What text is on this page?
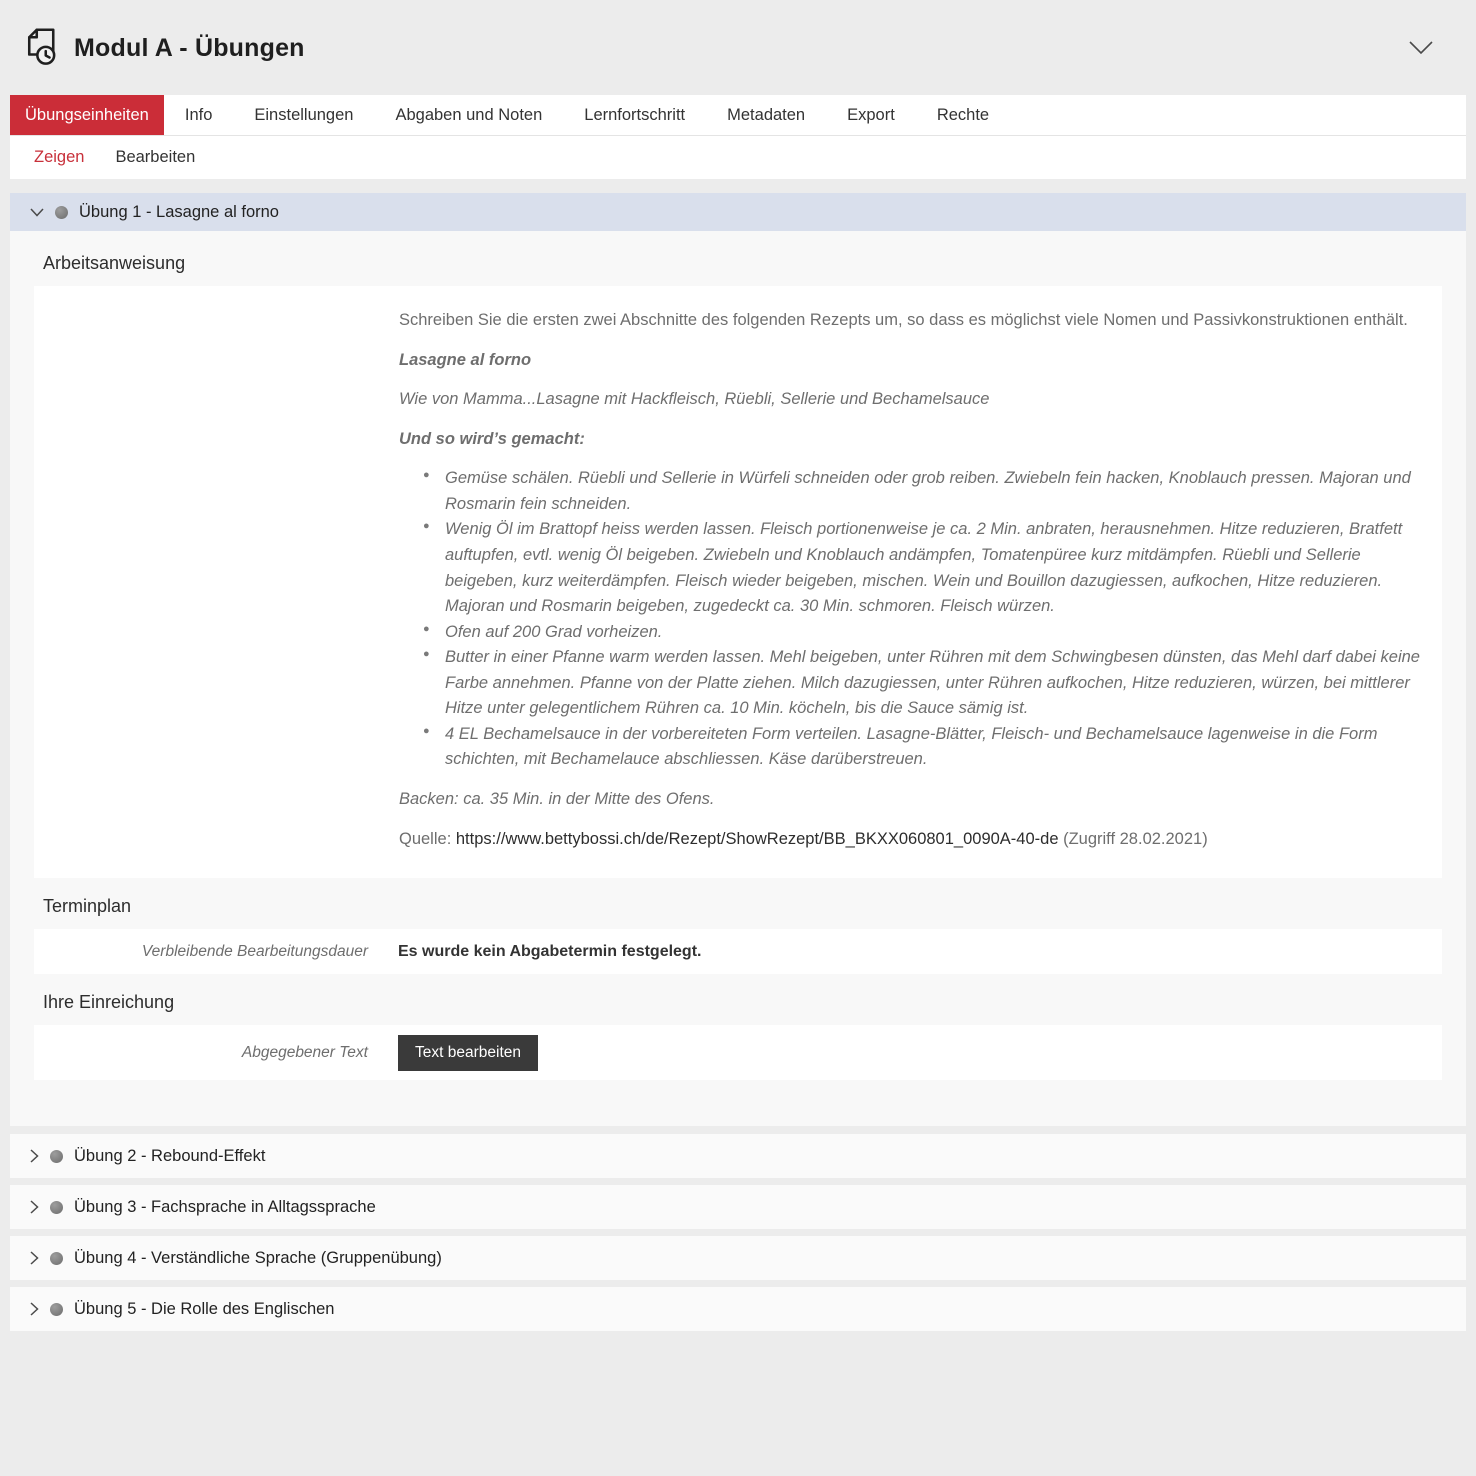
Modul A - Übungen
Übungseinheiten	Info	Einstellungen	Abgaben und Noten	Lernfortschritt	Metadaten	Export	Rechte
Zeigen Bearbeiten
Übung 1 - Lasagne al forno
Arbeitsanweisung

Schreiben Sie die ersten zwei Abschnitte des folgenden Rezepts um, so dass es möglichst viele Nomen und Passivkonstruktionen enthält.

Lasagne al forno

Wie von Mamma...Lasagne mit Hackfleisch, Rüebli, Sellerie und Bechamelsauce

Und so wird’s gemacht:

● Gemüse schälen. Rüebli und Sellerie in Würfeli schneiden oder grob reiben. Zwiebeln fein hacken, Knoblauch pressen. Majoran und Rosmarin fein schneiden.
● Wenig Öl im Brattopf heiss werden lassen. Fleisch portionenweise je ca. 2 Min. anbraten, herausnehmen. Hitze reduzieren, Bratfett auftupfen, evtl. wenig Öl beigeben. Zwiebeln und Knoblauch andämpfen, Tomatenpüree kurz mitdämpfen. Rüebli und Sellerie beigeben, kurz weiterdämpfen. Fleisch wieder beigeben, mischen. Wein und Bouillon dazugiessen, aufkochen, Hitze reduzieren. Majoran und Rosmarin beigeben, zugedeckt ca. 30 Min. schmoren. Fleisch würzen.
● Ofen auf 200 Grad vorheizen.
● Butter in einer Pfanne warm werden lassen. Mehl beigeben, unter Rühren mit dem Schwingbesen dünsten, das Mehl darf dabei keine Farbe annehmen. Pfanne von der Platte ziehen. Milch dazugiessen, unter Rühren aufkochen, Hitze reduzieren, würzen, bei mittlerer Hitze unter gelegentlichem Rühren ca. 10 Min. köcheln, bis die Sauce sämig ist.
● 4 EL Bechamelsauce in der vorbereiteten Form verteilen. Lasagne-Blätter, Fleisch- und Bechamelsauce lagenweise in die Form schichten, mit Bechamelauce abschliessen. Käse darüberstreuen.

Backen: ca. 35 Min. in der Mitte des Ofens.

Quelle: https://www.bettybossi.ch/de/Rezept/ShowRezept/BB_BKXX060801_0090A-40-de (Zugriff 28.02.2021)

Terminplan
Verbleibende Bearbeitungsdauer Es wurde kein Abgabetermin festgelegt.
Ihre Einreichung
Abgegebener Text	Text bearbeiten
Übung 2 - Rebound-Effekt
Übung 3 - Fachsprache in Alltagssprache
Übung 4 - Verständliche Sprache (Gruppenübung)
Übung 5 - Die Rolle des Englischen
